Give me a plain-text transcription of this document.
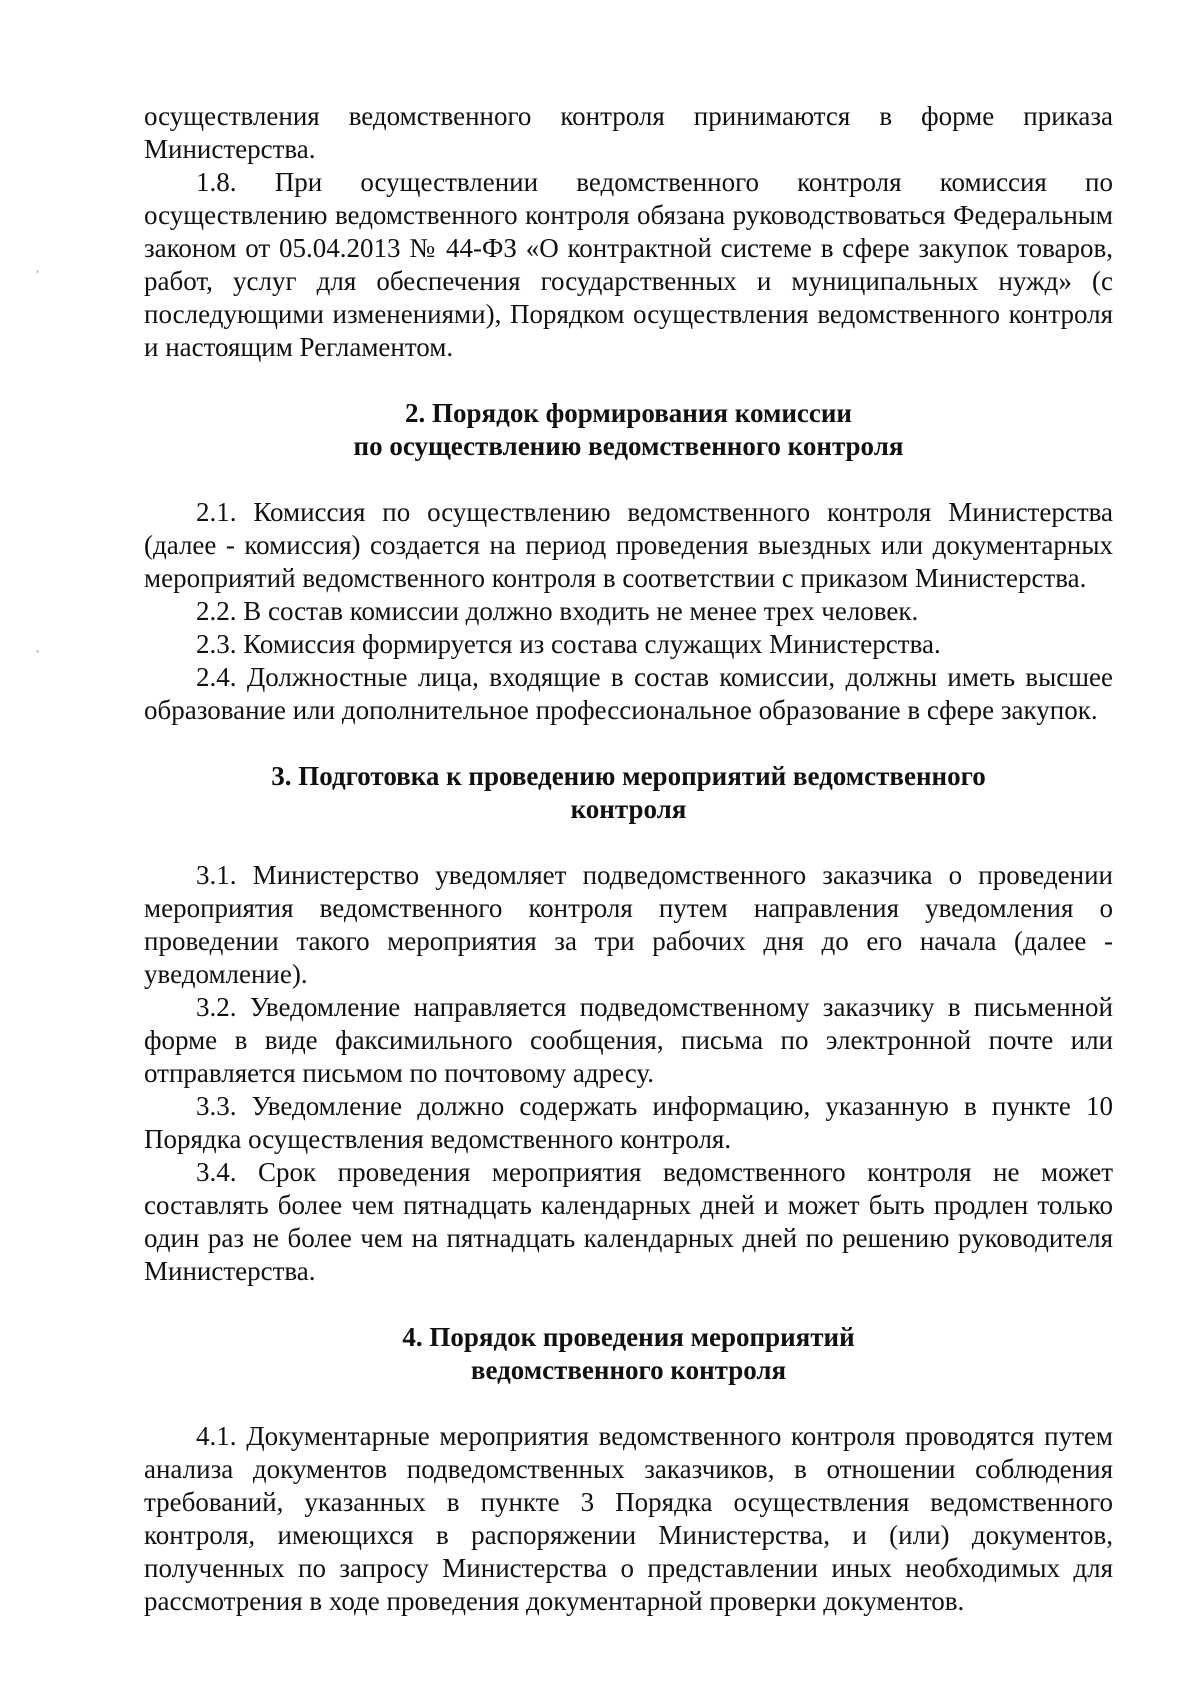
осуществления ведомственного контроля принимаются в форме приказа Министерства.

1.8. При осуществлении ведомственного контроля комиссия по осуществлению ведомственного контроля обязана руководствоваться Федеральным законом от 05.04.2013 № 44-ФЗ «О контрактной системе в сфере закупок товаров, работ, услуг для обеспечения государственных и муниципальных нужд» (с последующими изменениями), Порядком осуществления ведомственного контроля и настоящим Регламентом.

2. Порядок формирования комиссии
по осуществлению ведомственного контроля

2.1. Комиссия по осуществлению ведомственного контроля Министерства (далее - комиссия) создается на период проведения выездных или документарных мероприятий ведомственного контроля в соответствии с приказом Министерства.

2.2. В состав комиссии должно входить не менее трех человек.

2.3. Комиссия формируется из состава служащих Министерства.

2.4. Должностные лица, входящие в состав комиссии, должны иметь высшее образование или дополнительное профессиональное образование в сфере закупок.

3. Подготовка к проведению мероприятий ведомственного
контроля

3.1. Министерство уведомляет подведомственного заказчика о проведении мероприятия ведомственного контроля путем направления уведомления о проведении такого мероприятия за три рабочих дня до его начала (далее - уведомление).

3.2. Уведомление направляется подведомственному заказчику в письменной форме в виде факсимильного сообщения, письма по электронной почте или отправляется письмом по почтовому адресу.

3.3. Уведомление должно содержать информацию, указанную в пункте 10 Порядка осуществления ведомственного контроля.

3.4. Срок проведения мероприятия ведомственного контроля не может составлять более чем пятнадцать календарных дней и может быть продлен только один раз не более чем на пятнадцать календарных дней по решению руководителя Министерства.

4. Порядок проведения мероприятий
ведомственного контроля

4.1. Документарные мероприятия ведомственного контроля проводятся путем анализа документов подведомственных заказчиков, в отношении соблюдения требований, указанных в пункте 3 Порядка осуществления ведомственного контроля, имеющихся в распоряжении Министерства, и (или) документов, полученных по запросу Министерства о представлении иных необходимых для рассмотрения в ходе проведения документарной проверки документов.
